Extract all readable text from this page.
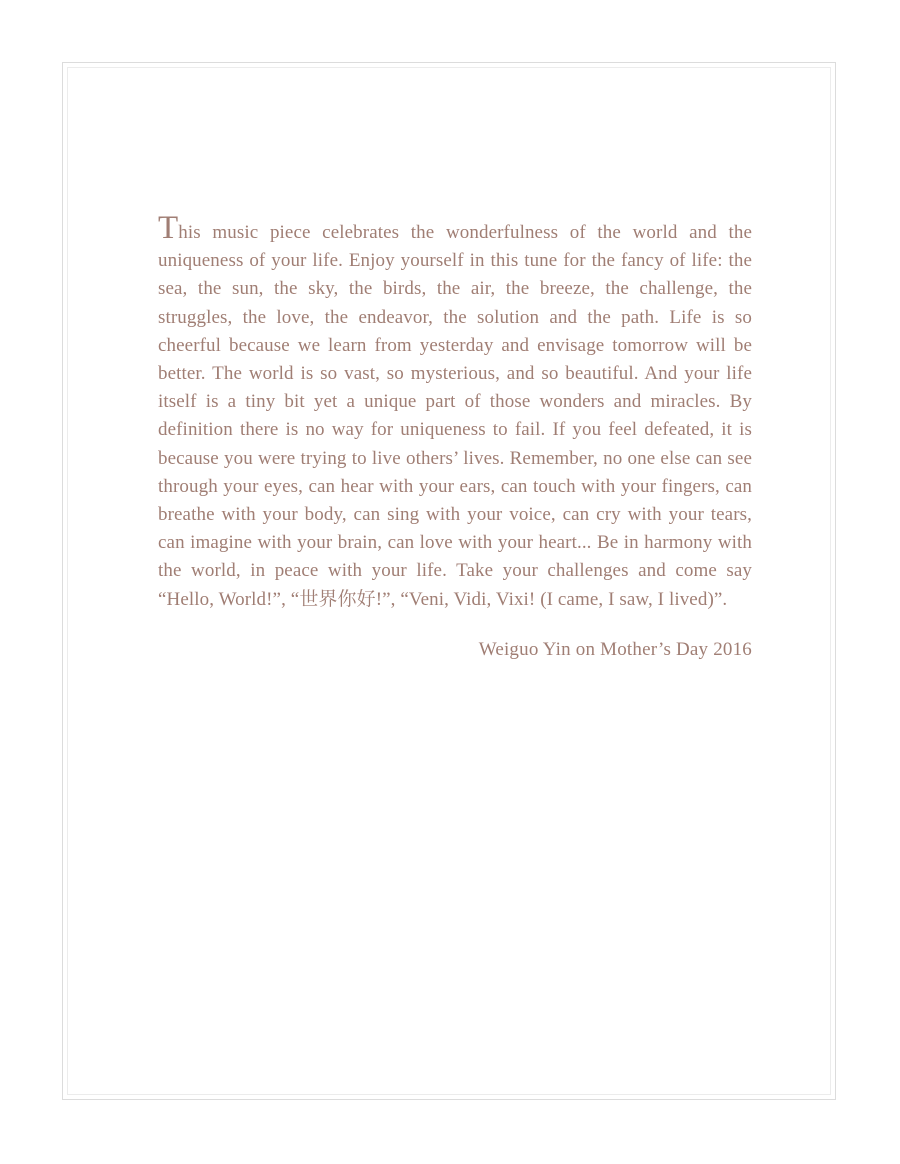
This music piece celebrates the wonderfulness of the world and the uniqueness of your life. Enjoy yourself in this tune for the fancy of life: the sea, the sun, the sky, the birds, the air, the breeze, the challenge, the struggles, the love, the endeavor, the solution and the path. Life is so cheerful because we learn from yesterday and envisage tomorrow will be better. The world is so vast, so mysterious, and so beautiful. And your life itself is a tiny bit yet a unique part of those wonders and miracles. By definition there is no way for uniqueness to fail. If you feel defeated, it is because you were trying to live others’ lives. Remember, no one else can see through your eyes, can hear with your ears, can touch with your fingers, can breathe with your body, can sing with your voice, can cry with your tears, can imagine with your brain, can love with your heart... Be in harmony with the world, in peace with your life. Take your challenges and come say “Hello, World!”, “世界你好!”, “Veni, Vidi, Vixi! (I came, I saw, I lived)”.

Weiguo Yin on Mother’s Day 2016
